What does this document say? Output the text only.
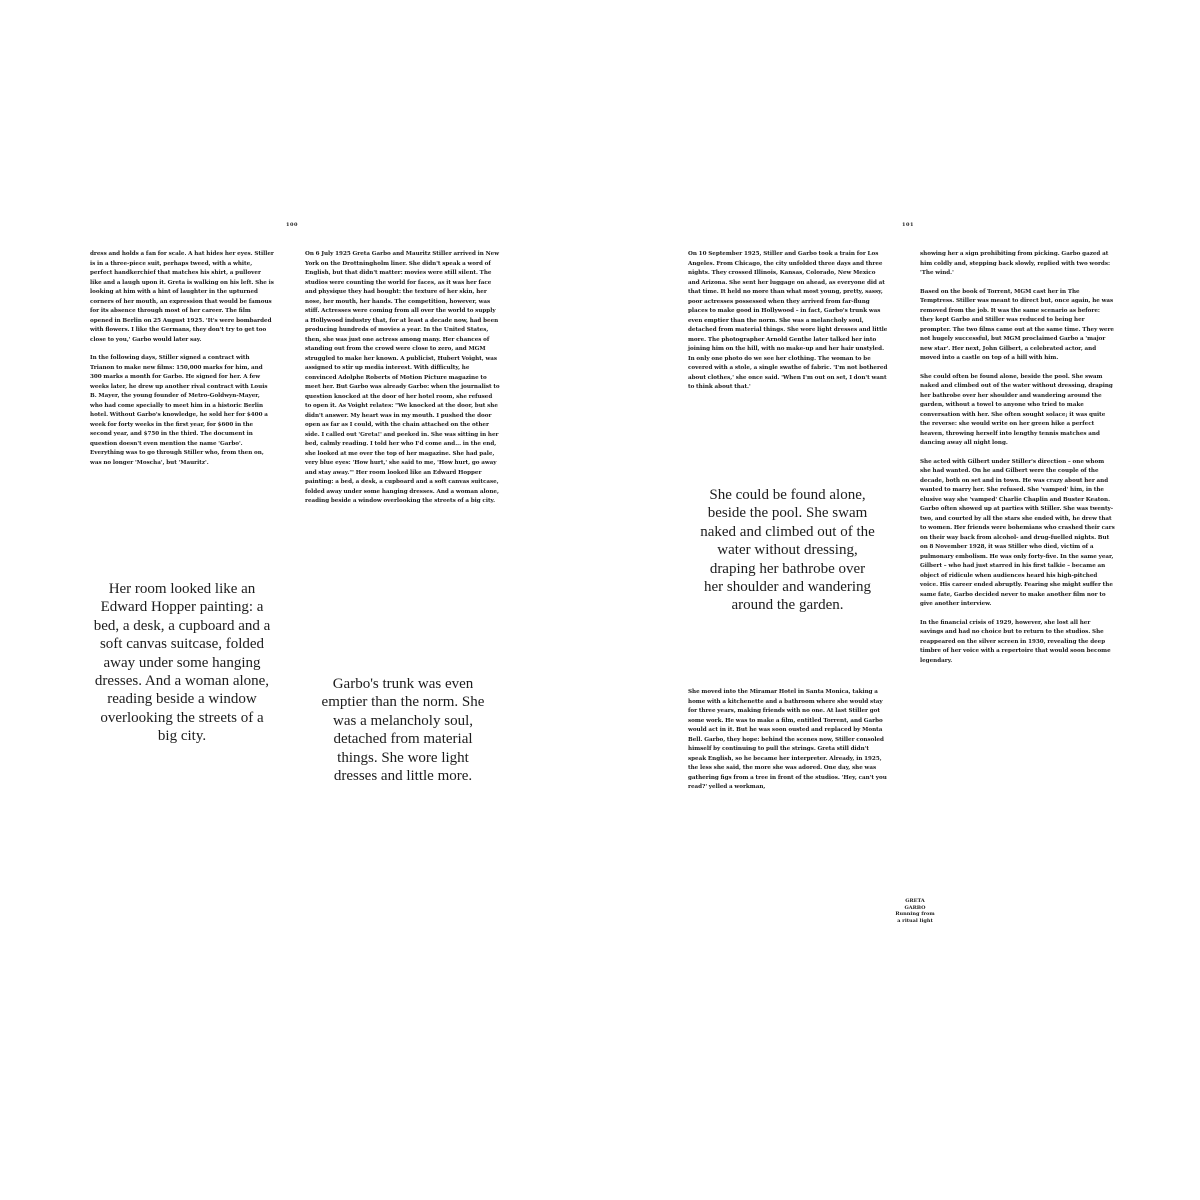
100

dress and holds a fan for scale. A hat hides her eyes. Stiller is in a three-piece suit, perhaps tweed, with a white, perfect handkerchief that matches his shirt, a pullover like and a laugh upon it. Greta is walking on his left. She is looking at him with a hint of laughter in the upturned corners of her mouth, an expression that would be famous for its absence through most of her career. The film opened in Berlin on 25 August 1925. 'It's were bombarded with flowers. I like the Germans, they don't try to get too close to you,' Garbo would later say.

In the following days, Stiller signed a contract with Trianon to make new films: 150,000 marks for him, and 300 marks a month for Garbo. He signed for her. A few weeks later, he drew up another rival contract with Louis B. Mayer, the young founder of Metro-Goldwyn-Mayer, who had come specially to meet him in a historic Berlin hotel. Without Garbo's knowledge, he sold her for $400 a week for forty weeks in the first year, for $600 in the second year, and $750 in the third. The document in question doesn't even mention the name 'Garbo'. Everything was to go through Stiller who, from then on, was no longer 'Moscha', but 'Mauritz'.

Her room looked like an Edward Hopper painting: a bed, a desk, a cupboard and a soft canvas suitcase, folded away under some hanging dresses. And a woman alone, reading beside a window overlooking the streets of a big city.

On 6 July 1925 Greta Garbo and Mauritz Stiller arrived in New York on the Drottningholm liner. She didn't speak a word of English, but that didn't matter: movies were still silent. The studios were counting the world for faces, as it was her face and physique they had bought: the texture of her skin, her nose, her mouth, her hands. The competition, however, was stiff. Actresses were coming from all over the world to supply a Hollywood industry that, for at least a decade now, had been producing hundreds of movies a year. In the United States, then, she was just one actress among many. Her chances of standing out from the crowd were close to zero, and MGM struggled to make her known. A publicist, Hubert Voight, was assigned to stir up media interest. With difficulty, he convinced Adolphe Roberts of Motion Picture magazine to meet her. But Garbo was already Garbo: when the journalist to question knocked at the door of her hotel room, she refused to open it. As Voight relates: "We knocked at the door, but she didn't answer. My heart was in my mouth. I pushed the door open as far as I could, with the chain attached on the other side. I called out 'Greta!' and peeked in. She was sitting in her bed, calmly reading. I told her who I'd come and... in the end, she looked at me over the top of her magazine. She had pale, very blue eyes: 'How hurt,' she said to me, 'How hurt, go away and stay away.'" Her room looked like an Edward Hopper painting: a bed, a desk, a cupboard and a soft canvas suitcase, folded away under some hanging dresses. And a woman alone, reading beside a window overlooking the streets of a big city.

Garbo's trunk was even emptier than the norm. She was a melancholy soul, detached from material things. She wore light dresses and little more.
101

On 10 September 1925, Stiller and Garbo took a train for Los Angeles. From Chicago, the city unfolded three days and three nights. They crossed Illinois, Kansas, Colorado, New Mexico and Arizona. She sent her luggage on ahead, as everyone did at that time. It held no more than what most young, pretty, sassy, poor actresses possessed when they arrived from far-flung places to make good in Hollywood – in fact, Garbo's trunk was even emptier than the norm. She was a melancholy soul, detached from material things. She wore light dresses and little more. The photographer Arnold Genthe later talked her into joining him on the hill, with no make-up and her hair unstyled. In only one photo do we see her clothing. The woman to be covered with a stole, a single swathe of fabric. 'I'm not bothered about clothes,' she once said. 'When I'm out on set, I don't want to think about that.'

She could be found alone, beside the pool. She swam naked and climbed out of the water without dressing, draping her bathrobe over her shoulder and wandering around the garden.

She moved into the Miramar Hotel in Santa Monica, taking a home with a kitchenette and a bathroom where she would stay for three years, making friends with no one. At last Stiller got some work. He was to make a film, entitled Torrent, and Garbo would act in it. But he was soon ousted and replaced by Monta Bell. Garbo, they hope: behind the scenes now, Stiller consoled himself by continuing to pull the strings. Greta still didn't speak English, so he became her interpreter. Already, in 1925, the less she said, the more she was adored. One day, she was gathering figs from a tree in front of the studios. 'Hey, can't you read?' yelled a workman,

showing her a sign prohibiting from picking. Garbo gazed at him coldly and, stepping back slowly, replied with two words: 'The wind.'

Based on the book of Torrent, MGM cast her in The Temptress. Stiller was meant to direct but, once again, he was removed from the job. It was the same scenario as before: they kept Garbo and Stiller was reduced to being her prompter. The two films came out at the same time. They were not hugely successful, but MGM proclaimed Garbo a 'major new star'. Her next, John Gilbert, a celebrated actor, and moved into a castle on top of a hill with him.

She could often be found alone, beside the pool. She swam naked and climbed out of the water without dressing, draping her bathrobe over her shoulder and wandering around the garden, without a towel to anyone who tried to make conversation with her. She often sought solace; it was quite the reverse: she would write on her green hike a perfect heaven, throwing herself into lengthy tennis matches and dancing away all night long.

She acted with Gilbert under Stiller's direction – one whom she had wanted. On he and Gilbert were the couple of the decade, both on set and in town. He was crazy about her and wanted to marry her. She refused. She 'vamped' him, in the elusive way she 'vamped' Charlie Chaplin and Buster Keaton. Garbo often showed up at parties with Stiller. She was twenty-two, and courted by all the stars she ended with, he drew that to women. Her friends were bohemians who crashed their cars on their way back from alcohol- and drug-fuelled nights. But on 8 November 1928, it was Stiller who died, victim of a pulmonary embolism. He was only forty-five. In the same year, Gilbert – who had just starred in his first talkie – became an object of ridicule when audiences heard his high-pitched voice. His career ended abruptly. Fearing she might suffer the same fate, Garbo decided never to make another film nor to give another interview.

In the financial crisis of 1929, however, she lost all her savings and had no choice but to return to the studios. She reappeared on the silver screen in 1930, revealing the deep timbre of her voice with a repertoire that would soon become legendary.

GRETA
GARBO
Running from
a ritual light
